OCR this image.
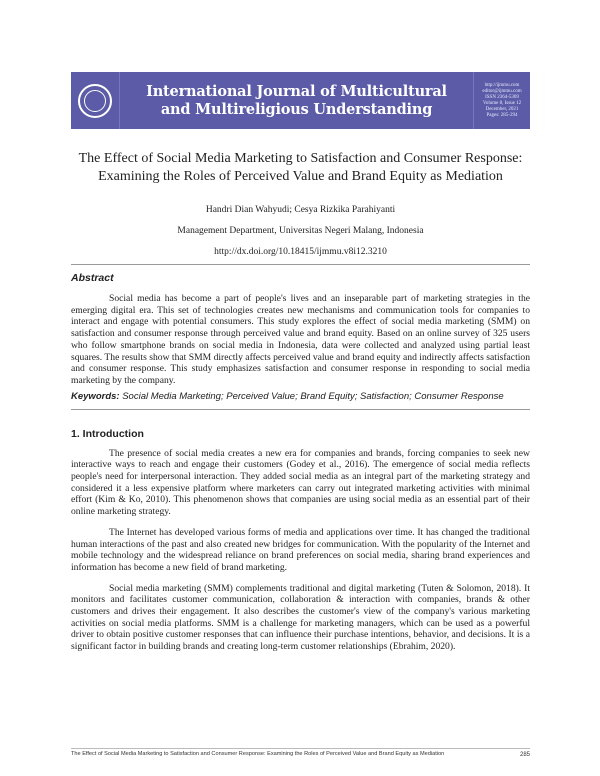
International Journal of Multicultural
and Multireligious Understanding
http://ijmmu.com
editor@ijmmu.com
ISSN 2364-5369
Volume 8, Issue 12
December, 2021
Pages: 285-294
The Effect of Social Media Marketing to Satisfaction and Consumer Response:
Examining the Roles of Perceived Value and Brand Equity as Mediation
Handri Dian Wahyudi; Cesya Rizkika Parahiyanti
Management Department, Universitas Negeri Malang, Indonesia
http://dx.doi.org/10.18415/ijmmu.v8i12.3210
Abstract

Social media has become a part of people's lives and an inseparable part of marketing strategies in the emerging digital era. This set of technologies creates new mechanisms and communication tools for companies to interact and engage with potential consumers. This study explores the effect of social media marketing (SMM) on satisfaction and consumer response through perceived value and brand equity. Based on an online survey of 325 users who follow smartphone brands on social media in Indonesia, data were collected and analyzed using partial least squares. The results show that SMM directly affects perceived value and brand equity and indirectly affects satisfaction and consumer response. This study emphasizes satisfaction and consumer response in responding to social media marketing by the company.

Keywords: Social Media Marketing; Perceived Value; Brand Equity; Satisfaction; Consumer Response
1. Introduction

The presence of social media creates a new era for companies and brands, forcing companies to seek new interactive ways to reach and engage their customers (Godey et al., 2016). The emergence of social media reflects people's need for interpersonal interaction. They added social media as an integral part of the marketing strategy and considered it a less expensive platform where marketers can carry out integrated marketing activities with minimal effort (Kim & Ko, 2010). This phenomenon shows that companies are using social media as an essential part of their online marketing strategy.

The Internet has developed various forms of media and applications over time. It has changed the traditional human interactions of the past and also created new bridges for communication. With the popularity of the Internet and mobile technology and the widespread reliance on brand preferences on social media, sharing brand experiences and information has become a new field of brand marketing.

Social media marketing (SMM) complements traditional and digital marketing (Tuten & Solomon, 2018). It monitors and facilitates customer communication, collaboration & interaction with companies, brands & other customers and drives their engagement. It also describes the customer's view of the company's various marketing activities on social media platforms. SMM is a challenge for marketing managers, which can be used as a powerful driver to obtain positive customer responses that can influence their purchase intentions, behavior, and decisions. It is a significant factor in building brands and creating long-term customer relationships (Ebrahim, 2020).

The Effect of Social Media Marketing to Satisfaction and Consumer Response: Examining the Roles of Perceived Value and Brand Equity as Mediation	285
